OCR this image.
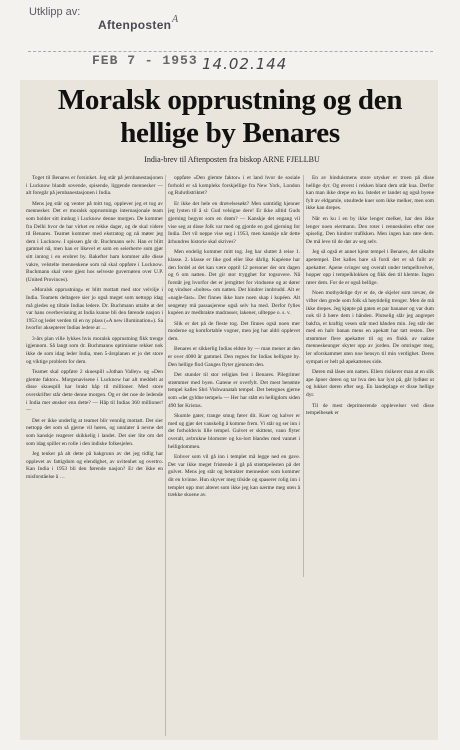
Utklipp av:
Aftenposten A
FEB 7 - 1953 14.02.144
Moralsk opprustning og den hellige by Benares

India-brev til Aftenposten fra biskop ARNE FJELLBU

Toget til Benares er forsinket. Jeg står på jernbanestasjonen i Lucknow blandt sovende, spisende, liggende mennesker — alt foregår på jernbanestasjonen i India.

Mens jeg står og venter på mitt tog, opplever jeg et tog av mennesker. Det er moralsk opprustnings internasjonale team som holder sitt innhug i Lucknow denne morgen. De kommer fra Delhi hvor de har virket en rekke dager, og de skal videre til Benares. Teamet kommer med ekstratog og nå møter jeg dem i Lucknow. I spissen går dr. Buchmann selv. Han er blitt gammel nå, men han er likevel et som en seierherre som gjør sitt inntog i en erobret by. Bakefter ham kommer alle disse vakre, velstelte menneskene som nå skal oppføre i Lucknow. Buchmann skal være gjest hos selveste guvernøren over U.P. (United Provinces).

«Moralsk opprustning» er blitt mottatt med stor velvilje i India. Teamets deltagere sier jo også meget som nettopp idag må gledes og tiltale Indias ledere. Dr. Buchmann uttalte at det var hans overbevisning at India kunne bli den førende nasjon i 1953 og ledet verden til en ny plass («A new illumination»). Sa hvorfor aksepterer Indias ledere at …

3-års plan ville lykkes hvis moralsk opprustning fikk trenge igjennom. Så langt som dr. Buchmanns optimisme rekker nok ikke de som idag leder India, men 5-årsplanen er jo det store og viktige problem for dem.

Teamet skal oppføre 2 skuespill «Jothan Valley» og «Den glemte faktor». Morgenavisene i Lucknow har alt meddelt at disse skuespill har brakt håp til millioner. Med store overskrifter står dette denne morgen. Og er det noe de ledende i India mer ønsker enn dette? — Håp til Indias 360 millioner! —

Det er ikke underlig at teamet blir vennlig mottatt. Det sier nettopp det som så gjerne vil høres, og unnlater å nevne det som kanskje reagerer skikkelig i landet. Det sier lite om det som idag spiller en rolle i den indiske folkesjelen.

Jeg tenker på alt dette på bakgrunn av det jeg tidlig har opplevet av fattigdom og elendighet, av uvitenhet og overtro. Kan India i 1953 bli den førende nasjon? Er det ikke en misforståelse å …

oppføre «Den glemte faktor» i et land hvor de sosiale forhold er så kompleks forskjellige fra New York, London og Ruhrdistriktet?

Er ikke det hele en drøvelsesøkt? Men samtidig kjenner jeg lysten til å si: Gud velsigne dere! Er ikke alltid Guds gjerning begynt som en drøm? — Kanskje det engang vil vise seg at disse folk var med og gjorde en god gjerning for India. Det vil neppe vise seg i 1953, men kanskje når dette århundres historie skal skrives?

Men endelig kommer mitt tog. Jeg har sluttet å reise 1. klasse. 2. klasse er like god eller like dårlig. Kupéene har den fordel at det kan være opptil 12 personer der om dagen og 6 om natten. Det gir stor trygghet for togsovere. Nå forstår jeg hvorfor det er jerngitter for vinduene og at dører og vinduer «boltes» om natten. Det hindrer innbrudd. Alt er «nagle-fast». Det finnes ikke bare noen skap i kupéen. Alt sengetøy må passasjerene også selv ha med. Derfor fylles kupéen av medbrakte madrasser, lakener, ullteppe o. s. v.

Slik er det på de fleste tog. Det finnes også noen mer moderne og komfortable vogner, men jeg har aldri opplevet dem.

Benares er sikkerlig Indias eldste by — man mener at den er over 4000 år gammel. Den regnes for Indias helligste by. Den hellige flod Ganges flyter gjennom den.

Det stunder til stor religiøs fest i Benares. Pilegrimer strømmer med byen. Gatene er overfylt. Det mest berømte tempel kalles Shri Vishwanatah tempel. Det betegnes gjerne som «det gyldne tempel» — Her har stått en helligdom siden 490 før Kristus.

Skumle gater, trange smug fører dit. Kuer og kalver er med og gjør det vanskelig å komme frem. Vi står og ser inn i det forholdsvis lille tempel. Gulvet er skittent, vann flyter overalt, avbrukne blomster og ku-lort blandes med vannet i helligdommen.

Enhver som vil gå inn i templet må legge ned en gave. Det var ikke meget fristende å gå på strømpelesten på det gulvet. Mens jeg står og betrakter mennesker som kommer dit en kvinne. Hun skyver meg tilside og spaserer rolig inn i templet opp mot alteret som ikke jeg kan nærme meg uten å trække skoene av.

En av hinduismens store utysker er troen på disse hellige dyr. Og øverst i rekken blant dem står kua. Derfor kan man ikke drepe en ku. Istedet er landet og også byene fylt av eldgamle, utsultede kuer som ikke melker, men som ikke kan drepes.

Når en ku i en by ikke lenger melker, har den ikke lenger noen eiermann. Den roter i renneskolen efter noe spiselig. Den hindrer trafikken. Men ingen kan røre dem. De må leve til de dør av seg selv.

Jeg så også et annet kjent tempel i Benares, det såkalte apetempel. Det kalles bare så fordi det er så fullt av apekatter. Apene svinger seg overalt under tempelhvelvet, hopper opp i tempelklokken og fikk den til klemte. Ingen rører dem. For de er også hellige.

Noen mothydelige dyr er de, de skjeler som rævær, de vifter den grede som folk så høytidelig trenger. Men de må ikke drepes. Jeg kjøpte på gaten et par bananer og var dum nok til å bære dem i hånden. Plutselig slår jeg angrepet bakfra, et kraftig vesen står med hånden min. Jeg står der med en halv banan mens en apekatt har tatt resten. Det strømmer flere apekatter til og en flokk av nakne menneskeunger skyter opp av jorden. De omringer meg, ler uforskammet uten noe hensyn til min verdighet. Deres sympati er helt på apekattenes side.

Døren må låses om natten. Ellers risikerer man at en slik ape åpner døren og tar hva den har lyst på, går lydløst ut og lukker døren efter seg. En landeplage er disse hellige dyr.

Til de mest deprimerende opplevelser ved disse tempelbesøk er
